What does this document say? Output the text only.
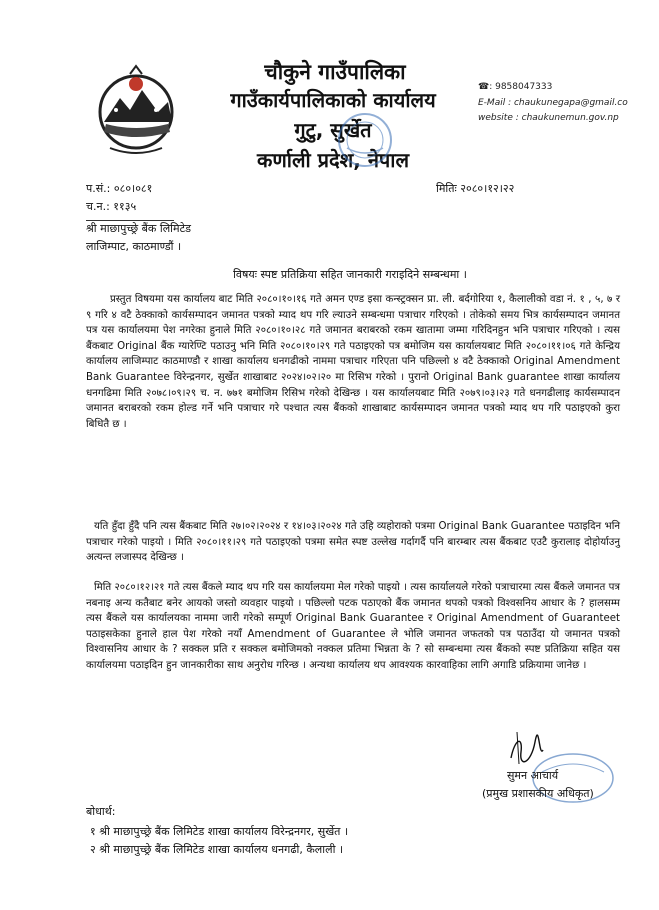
चौकुने गाउँपालिका
गाउँकार्यपालिकाको कार्यालय
गुटु, सुर्खेत
कर्णाली प्रदेश, नेपाल
☎: 9858047333
E-Mail : chaukunegapa@gmail.co
website : chaukunemun.gov.np
प.सं.: ०८०।०८१
च.न.: ११३५
मितिः २०८०।१२।२२
श्री माछापुच्छ्रे बैंक लिमिटेड
लाजिम्पाट, काठमाण्डौं ।
विषयः स्पष्ट प्रतिक्रिया सहित जानकारी गराइदिने सम्बन्धमा ।
प्रस्तुत विषयमा यस कार्यालय बाट मिति २०८०।१०।१६ गते अमन एण्ड इसा कन्स्ट्रक्सन प्रा. ली. बर्दगोरिया १, कैलालीको वडा नं. १ , ५, ७ र ९ गरि ४ वटै ठेक्काको कार्यसम्पादन जमानत पत्रको म्याद थप गरि ल्याउने सम्बन्धमा पत्राचार गरिएको । तोकेको समय भित्र कार्यसम्पादन जमानत पत्र यस कार्यालयमा पेश नगरेका हुनाले मिति २०८०।१०।२८ गते जमानत बराबरको रकम खातामा जम्मा गरिदिनहुन भनि पत्राचार गरिएको । त्यस बैंकबाट Original बैंक ग्यारेण्टि पठाउनु भनि मिति २०८०।१०।२९ गते पठाइएको पत्र बमोजिम यस कार्यालयबाट मिति २०८०।११।०६ गते केन्द्रिय कार्यालय लाजिम्पाट काठमाण्डौ र शाखा कार्यालय धनगढीको नाममा पत्राचार गरिएता पनि पछिल्लो ४ वटै ठेक्काको Original Amendment Bank Guarantee विरेन्द्रनगर, सुर्खेत शाखाबाट २०२४।०२।२० मा रिसिभ गरेको । पुरानो Original Bank guarantee शाखा कार्यालय धनगढिमा मिति २०७८।०९।२९ च. न. ७७१ बमोजिम रिसिभ गरेको देखिन्छ । यस कार्यालयबाट मिति २०७९।०३।२३ गते धनगढीलाइ कार्यसम्पादन जमानत बराबरको रकम होल्ड गर्ने भनि पत्राचार गरे पश्चात त्यस बैंकको शाखाबाट कार्यसम्पादन जमानत पत्रको म्याद थप गरि पठाइएको कुरा बिधितै छ ।
यति हुँदा हुँदै पनि त्यस बैंकबाट मिति २७।०२।२०२४ र १४।०३।२०२४ गते उहि व्यहोराको पत्रमा Original Bank Guarantee पठाइदिन भनि पत्राचार गरेको पाइयो । मिति २०८०।११।२९ गते पठाइएको पत्रमा समेत स्पष्ट उल्लेख गर्दागर्दै पनि बारम्बार त्यस बैंकबाट एउटै कुरालाइ दोहोर्याउनु अत्यन्त लजास्पद देखिन्छ ।
मिति २०८०।१२।२१ गते त्यस बैंकले म्याद थप गरि यस कार्यालयमा मेल गरेको पाइयो । त्यस कार्यालयले गरेको पत्राचारमा त्यस बैंकले जमानत पत्र नबनाइ अन्य कतैबाट बनेर आयको जस्तो व्यवहार पाइयो । पछिल्लो पटक पठाएको बैंक जमानत थपको पत्रको विश्वसनिय आधार के ? हालसम्म त्यस बैंकले यस कार्यालयका नाममा जारी गरेको सम्पूर्ण Original Bank Guarantee र Original Amendment of Guaranteet पठाइसकेका हुनाले हाल पेश गरेको नयाँ Amendment of Guarantee ले भोलि जमानत जफतको पत्र पठाउँदा यो जमानत पत्रको विश्वासनिय आधार के ? सक्कल प्रति र सक्कल बमोजिमको नक्कल प्रतिमा भिन्नता के ? सो सम्बन्धमा त्यस बैंकको स्पष्ट प्रतिक्रिया सहित यस कार्यालयमा पठाइदिन हुन जानकारीका साथ अनुरोध गरिन्छ । अन्यथा कार्यालय थप आवश्यक कारवाहिका लागि अगाडि प्रक्रियामा जानेछ ।
सुमन आचार्य
(प्रमुख प्रशासकीय अधिकृत)
बोधार्थ:
१ श्री माछापुच्छ्रे बैंक लिमिटेड शाखा कार्यालय विरेन्द्रनगर, सुर्खेत ।
२ श्री माछापुच्छ्रे बैंक लिमिटेड शाखा कार्यालय धनगढी, कैलाली ।
